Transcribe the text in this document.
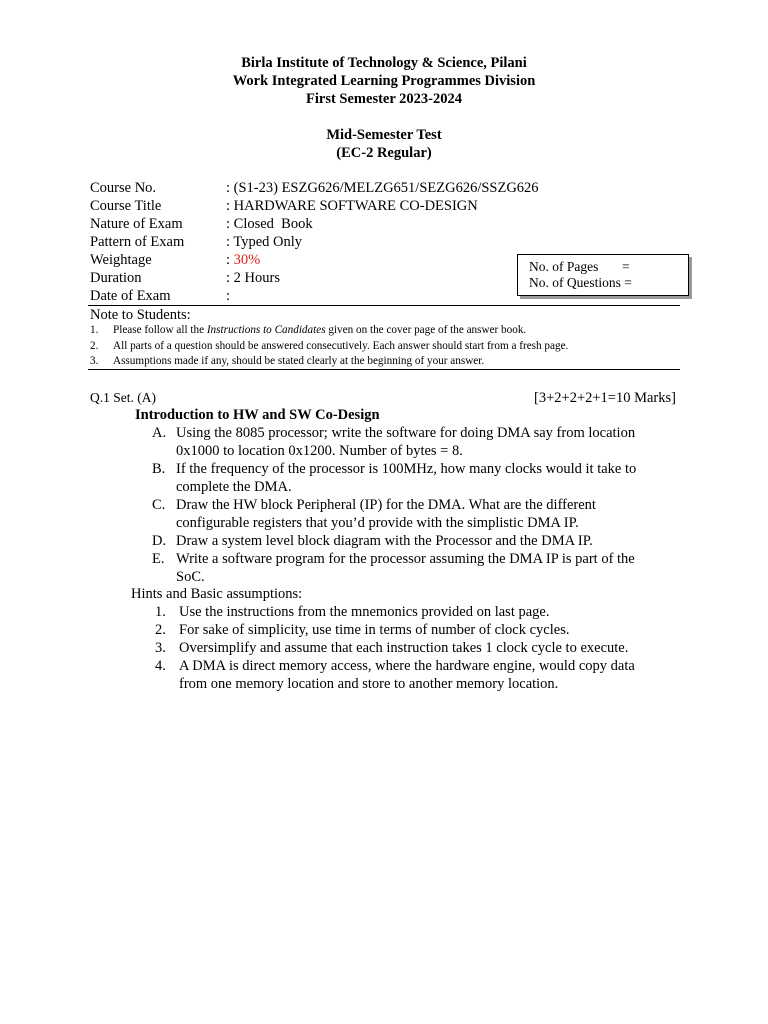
Birla Institute of Technology & Science, Pilani
Work Integrated Learning Programmes Division
First Semester 2023-2024
Mid-Semester Test
(EC-2 Regular)
Course No.	: (S1-23) ESZG626/MELZG651/SEZG626/SSZG626
Course Title	: HARDWARE SOFTWARE CO-DESIGN
Nature of Exam	: Closed  Book
Pattern of Exam	: Typed Only
Weightage	: 30%
Duration	: 2 Hours
Date of Exam	:
No. of Pages       =
No. of Questions =
Note to Students:
1.	Please follow all the Instructions to Candidates given on the cover page of the answer book.
2.	All parts of a question should be answered consecutively. Each answer should start from a fresh page.
3.	Assumptions made if any, should be stated clearly at the beginning of your answer.
Q.1 Set. (A)	[3+2+2+2+1=10 Marks]
Introduction to HW and SW Co-Design
A. Using the 8085 processor; write the software for doing DMA say from location
0x1000 to location 0x1200. Number of bytes = 8.
B. If the frequency of the processor is 100MHz, how many clocks would it take to
complete the DMA.
C. Draw the HW block Peripheral (IP) for the DMA. What are the different
configurable registers that you’d provide with the simplistic DMA IP.
D. Draw a system level block diagram with the Processor and the DMA IP.
E. Write a software program for the processor assuming the DMA IP is part of the
SoC.
Hints and Basic assumptions:
1. Use the instructions from the mnemonics provided on last page.
2. For sake of simplicity, use time in terms of number of clock cycles.
3. Oversimplify and assume that each instruction takes 1 clock cycle to execute.
4. A DMA is direct memory access, where the hardware engine, would copy data
from one memory location and store to another memory location.
